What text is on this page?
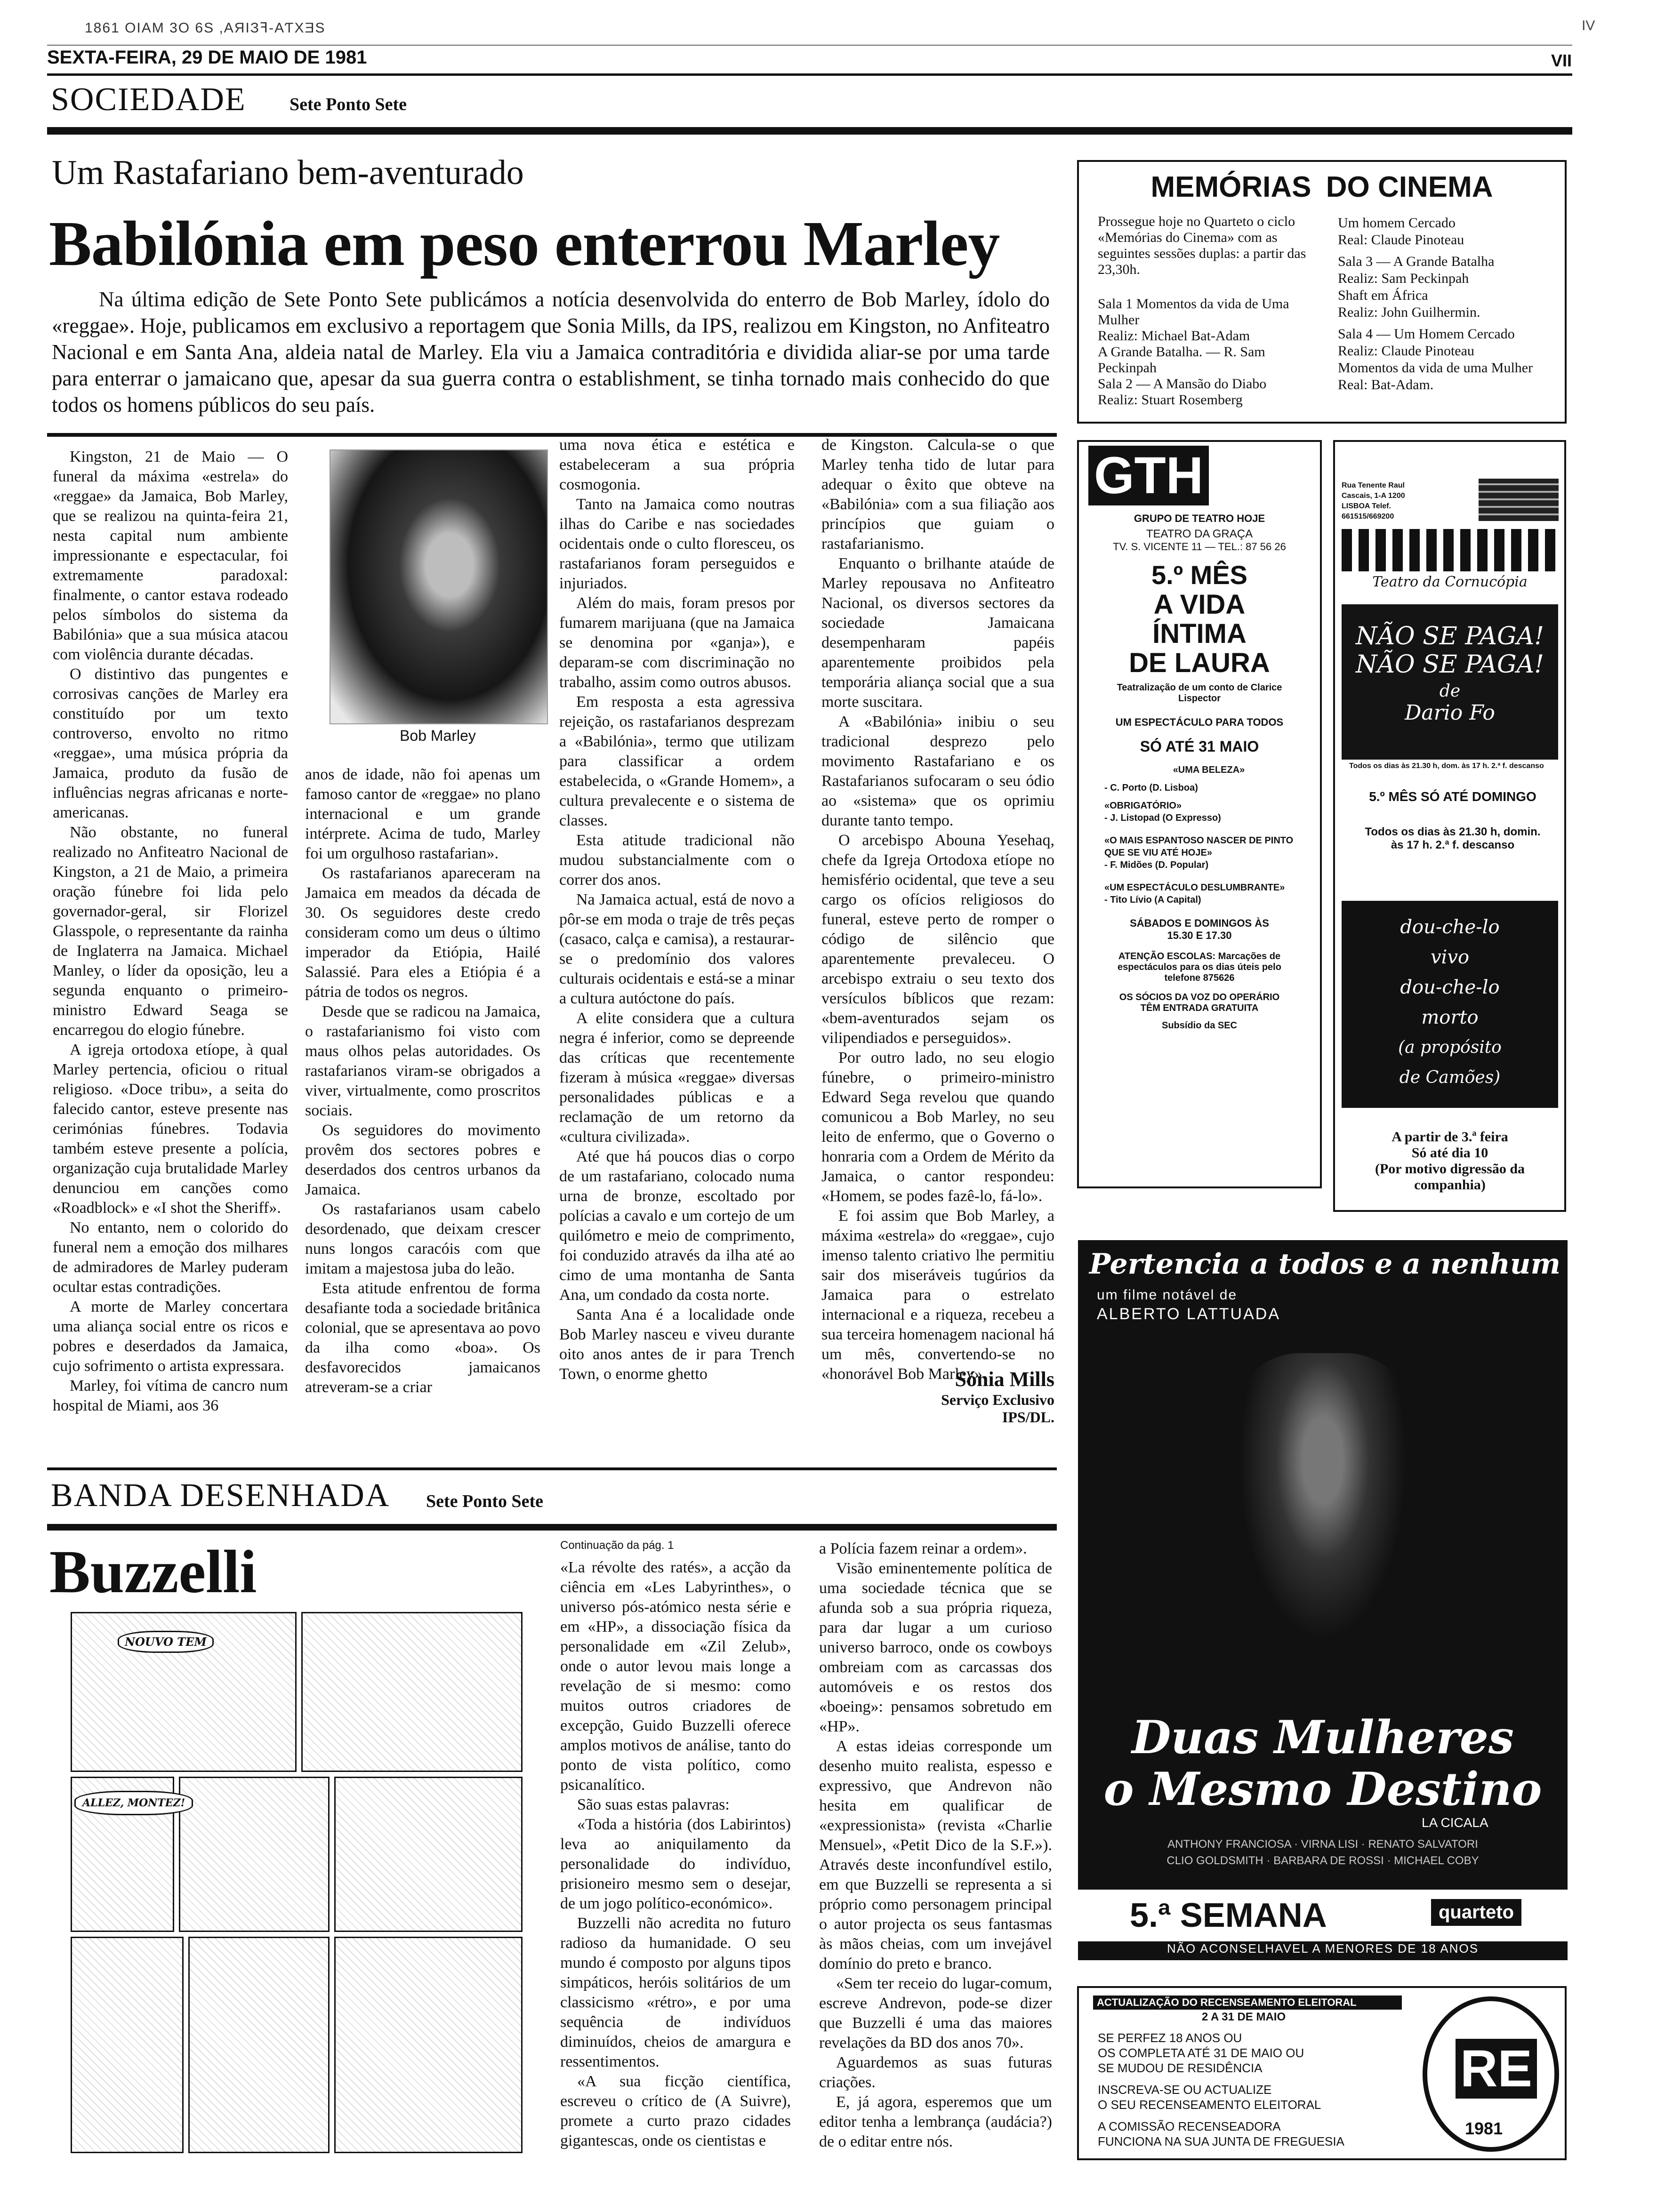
1861 OIAM 3O 6S ,AЯIЗꟻ-AƬXƎS	IV
SEXTA-FEIRA, 29 DE MAIO DE 1981	VII
SOCIEDADE Sete Ponto Sete
Um Rastafariano bem-aventurado
Babilónia em peso enterrou Marley
Na última edição de Sete Ponto Sete publicámos a notícia desenvolvida do enterro de Bob Marley, ídolo do «reggae». Hoje, publicamos em exclusivo a reportagem que Sonia Mills, da IPS, realizou em Kingston, no Anfiteatro Nacional e em Santa Ana, aldeia natal de Marley. Ela viu a Jamaica contraditória e dividida aliar-se por uma tarde para enterrar o jamaicano que, apesar da sua guerra contra o establishment, se tinha tornado mais conhecido do que todos os homens públicos do seu país.
Bob Marley

Kingston, 21 de Maio — O funeral da máxima «estrela» do «reggae» da Jamaica, Bob Marley, que se realizou na quinta-feira 21, nesta capital num ambiente impressionante e espectacular, foi extremamente paradoxal: finalmente, o cantor estava rodeado pelos símbolos do sistema da Babilónia» que a sua música atacou com violência durante décadas.

O distintivo das pungentes e corrosivas canções de Marley era constituído por um texto controverso, envolto no ritmo «reggae», uma música própria da Jamaica, produto da fusão de influências negras africanas e norte-americanas.

Não obstante, no funeral realizado no Anfiteatro Nacional de Kingston, a 21 de Maio, a primeira oração fúnebre foi lida pelo governador-geral, sir Florizel Glasspole, o representante da rainha de Inglaterra na Jamaica. Michael Manley, o líder da oposição, leu a segunda enquanto o primeiro-ministro Edward Seaga se encarregou do elogio fúnebre.

A igreja ortodoxa etíope, à qual Marley pertencia, oficiou o ritual religioso. «Doce tribu», a seita do falecido cantor, esteve presente nas cerimónias fúnebres. Todavia também esteve presente a polícia, organização cuja brutalidade Marley denunciou em canções como «Roadblock» e «I shot the Sheriff».

No entanto, nem o colorido do funeral nem a emoção dos milhares de admiradores de Marley puderam ocultar estas contradições.

A morte de Marley concertara uma aliança social entre os ricos e pobres e deserdados da Jamaica, cujo sofrimento o artista expressara.

Marley, foi vítima de cancro num hospital de Miami, aos 36

anos de idade, não foi apenas um famoso cantor de «reggae» no plano internacional e um grande intérprete. Acima de tudo, Marley foi um orgulhoso rastafarian».

Os rastafarianos apareceram na Jamaica em meados da década de 30. Os seguidores deste credo consideram como um deus o último imperador da Etiópia, Hailé Salassié. Para eles a Etiópia é a pátria de todos os negros.

Desde que se radicou na Jamaica, o rastafarianismo foi visto com maus olhos pelas autoridades. Os rastafarianos viram-se obrigados a viver, virtualmente, como proscritos sociais.

Os seguidores do movimento provêm dos sectores pobres e deserdados dos centros urbanos da Jamaica.

Os rastafarianos usam cabelo desordenado, que deixam crescer nuns longos caracóis com que imitam a majestosa juba do leão.

Esta atitude enfrentou de forma desafiante toda a sociedade britânica colonial, que se apresentava ao povo da ilha como «boa». Os desfavorecidos jamaicanos atreveram-se a criar

uma nova ética e estética e estabeleceram a sua própria cosmogonia.

Tanto na Jamaica como noutras ilhas do Caribe e nas sociedades ocidentais onde o culto floresceu, os rastafarianos foram perseguidos e injuriados.

Além do mais, foram presos por fumarem marijuana (que na Jamaica se denomina por «ganja»), e deparam-se com discriminação no trabalho, assim como outros abusos.

Em resposta a esta agressiva rejeição, os rastafarianos desprezam a «Babilónia», termo que utilizam para classificar a ordem estabelecida, o «Grande Homem», a cultura prevalecente e o sistema de classes.

Esta atitude tradicional não mudou substancialmente com o correr dos anos.

Na Jamaica actual, está de novo a pôr-se em moda o traje de três peças (casaco, calça e camisa), a restaurar-se o predomínio dos valores culturais ocidentais e está-se a minar a cultura autóctone do país.

A elite considera que a cultura negra é inferior, como se depreende das críticas que recentemente fizeram à música «reggae» diversas personalidades públicas e a reclamação de um retorno da «cultura civilizada».

Até que há poucos dias o corpo de um rastafariano, colocado numa urna de bronze, escoltado por polícias a cavalo e um cortejo de um quilómetro e meio de comprimento, foi conduzido através da ilha até ao cimo de uma montanha de Santa Ana, um condado da costa norte.

Santa Ana é a localidade onde Bob Marley nasceu e viveu durante oito anos antes de ir para Trench Town, o enorme ghetto

de Kingston. Calcula-se o que Marley tenha tido de lutar para adequar o êxito que obteve na «Babilónia» com a sua filiação aos princípios que guiam o rastafarianismo.

Enquanto o brilhante ataúde de Marley repousava no Anfiteatro Nacional, os diversos sectores da sociedade Jamaicana desempenharam papéis aparentemente proibidos pela temporária aliança social que a sua morte suscitara.

A «Babilónia» inibiu o seu tradicional desprezo pelo movimento Rastafariano e os Rastafarianos sufocaram o seu ódio ao «sistema» que os oprimiu durante tanto tempo.

O arcebispo Abouna Yesehaq, chefe da Igreja Ortodoxa etíope no hemisfério ocidental, que teve a seu cargo os ofícios religiosos do funeral, esteve perto de romper o código de silêncio que aparentemente prevaleceu. O arcebispo extraiu o seu texto dos versículos bíblicos que rezam: «bem-aventurados sejam os vilipendiados e perseguidos».

Por outro lado, no seu elogio fúnebre, o primeiro-ministro Edward Sega revelou que quando comunicou a Bob Marley, no seu leito de enfermo, que o Governo o honraria com a Ordem de Mérito da Jamaica, o cantor respondeu: «Homem, se podes fazê-lo, fá-lo».

E foi assim que Bob Marley, a máxima «estrela» do «reggae», cujo imenso talento criativo lhe permitiu sair dos miseráveis tugúrios da Jamaica para o estrelato internacional e a riqueza, recebeu a sua terceira homenagem nacional há um mês, convertendo-se no «honorável Bob Marley».

Sónia Mills
Serviço Exclusivo
IPS/DL.
MEMÓRIAS DO CINEMA
Prossegue hoje no Quarteto o ciclo «Memórias do Cinema» com as seguintes sessões duplas: a partir das 23,30h.
Sala 1 Momentos da vida de Uma Mulher
Realiz: Michael Bat-Adam
A Grande Batalha. — R. Sam Peckinpah
Sala 2 — A Mansão do Diabo
Realiz: Stuart Rosemberg
Um homem Cercado
Real: Claude Pinoteau
Sala 3 — A Grande Batalha
Realiz: Sam Peckinpah
Shaft em África
Realiz: John Guilhermin.
Sala 4 — Um Homem Cercado
Realiz: Claude Pinoteau
Momentos da vida de uma Mulher
Real: Bat-Adam.
GTH
GRUPO DE TEATRO HOJE
TEATRO DA GRAÇA
TV. S. VICENTE 11 — TEL.: 87 56 26
5.º MÊS
A VIDA
ÍNTIMA
DE LAURA
Teatralização de um conto de Clarice Lispector
UM ESPECTÁCULO PARA TODOS
SÓ ATÉ 31 MAIO
«UMA BELEZA»
- C. Porto (D. Lisboa)
«OBRIGATÓRIO»
- J. Listopad (O Expresso)
«O MAIS ESPANTOSO NASCER DE PINTO QUE SE VIU ATÉ HOJE»
- F. Midões (D. Popular)
«UM ESPECTÁCULO DESLUMBRANTE»
- Tito Lívio (A Capital)
SÁBADOS E DOMINGOS ÀS 15.30 E 17.30
ATENÇÃO ESCOLAS: Marcações de espectáculos para os dias úteis pelo telefone 875626
OS SÓCIOS DA VOZ DO OPERÁRIO TÊM ENTRADA GRATUITA
Subsídio da SEC
Rua Tenente Raul Cascais, 1-A 1200 LISBOA Telef. 661515/669200
Teatro da Cornucópia
NÃO SE PAGA!
NÃO SE PAGA!
de
Dario Fo
Todos os dias às 21.30 h, dom. às 17 h. 2.ª f. descanso
5.º MÊS SÓ ATÉ DOMINGO
Todos os dias às 21.30 h, domin. às 17 h. 2.ª f. descanso
dou-che-lo
vivo
dou-che-lo
morto
(a propósito
de Camões)
A partir de 3.ª feira
Só até dia 10
(Por motivo digressão da companhia)
Pertencia a todos e a nenhum
um filme notável de
ALBERTO LATTUADA
Duas Mulheres
o Mesmo Destino
LA CICALA
ANTHONY FRANCIOSA · VIRNA LISI · RENATO SALVATORI
CLIO GOLDSMITH · BARBARA DE ROSSI · MICHAEL COBY
5.ª SEMANA	quarteto
NÃO ACONSELHAVEL A MENORES DE 18 ANOS
ACTUALIZAÇÃO DO RECENSEAMENTO ELEITORAL
2 A 31 DE MAIO
SE PERFEZ 18 ANOS OU
OS COMPLETA ATÉ 31 DE MAIO OU
SE MUDOU DE RESIDÊNCIA
INSCREVA-SE OU ACTUALIZE
O SEU RECENSEAMENTO ELEITORAL
A COMISSÃO RECENSEADORA
FUNCIONA NA SUA JUNTA DE FREGUESIA
RE
1981
BANDA DESENHADA Sete Ponto Sete
Buzzelli
ALLEZ, MONTEZ!
NOUVO TEM
Continuação da pág. 1

«La révolte des ratés», a acção da ciência em «Les Labyrinthes», o universo pós-atómico nesta série e em «HP», a dissociação física da personalidade em «Zil Zelub», onde o autor levou mais longe a revelação de si mesmo: como muitos outros criadores de excepção, Guido Buzzelli oferece amplos motivos de análise, tanto do ponto de vista político, como psicanalítico.

São suas estas palavras:

«Toda a história (dos Labirintos) leva ao aniquilamento da personalidade do indivíduo, prisioneiro mesmo sem o desejar, de um jogo político-económico».

Buzzelli não acredita no futuro radioso da humanidade. O seu mundo é composto por alguns tipos simpáticos, heróis solitários de um classicismo «rétro», e por uma sequência de indivíduos diminuídos, cheios de amargura e ressentimentos.

«A sua ficção científica, escreveu o crítico de (A Suivre), promete a curto prazo cidades gigantescas, onde os cientistas e

a Polícia fazem reinar a ordem».

Visão eminentemente política de uma sociedade técnica que se afunda sob a sua própria riqueza, para dar lugar a um curioso universo barroco, onde os cowboys ombreiam com as carcassas dos automóveis e os restos dos «boeing»: pensamos sobretudo em «HP».

A estas ideias corresponde um desenho muito realista, espesso e expressivo, que Andrevon não hesita em qualificar de «expressionista» (revista «Charlie Mensuel», «Petit Dico de la S.F.»). Através deste inconfundível estilo, em que Buzzelli se representa a si próprio como personagem principal o autor projecta os seus fantasmas às mãos cheias, com um invejável domínio do preto e branco.

«Sem ter receio do lugar-comum, escreve Andrevon, pode-se dizer que Buzzelli é uma das maiores revelações da BD dos anos 70».

Aguardemos as suas futuras criações.

E, já agora, esperemos que um editor tenha a lembrança (audácia?) de o editar entre nós.
